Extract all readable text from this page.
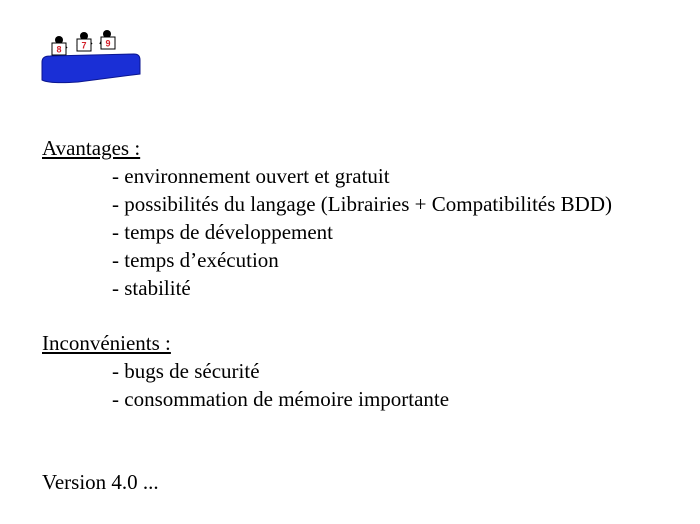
8 7 9
Avantages :
- environnement ouvert et gratuit
- possibilités du langage (Librairies + Compatibilités BDD)
- temps de développement
- temps d’exécution
- stabilité
Inconvénients :
- bugs de sécurité
- consommation de mémoire importante
Version 4.0 ...
